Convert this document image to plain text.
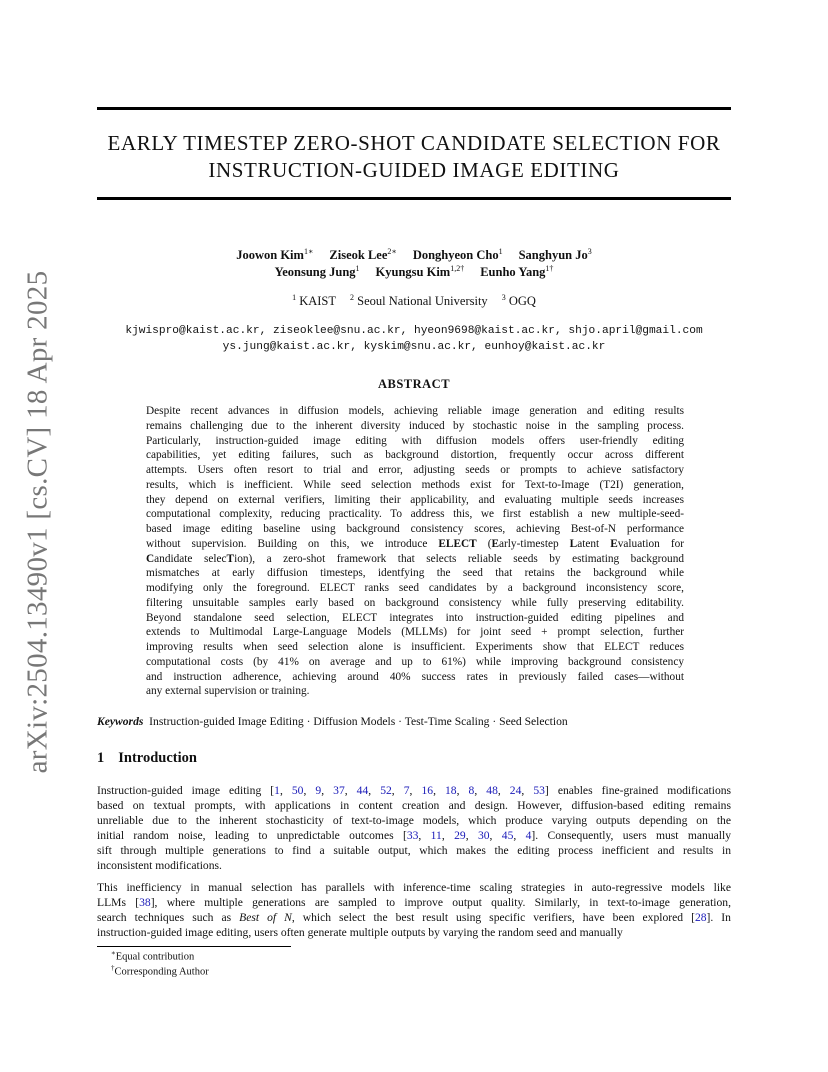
arXiv:2504.13490v1 [cs.CV] 18 Apr 2025
EARLY TIMESTEP ZERO-SHOT CANDIDATE SELECTION FOR
INSTRUCTION-GUIDED IMAGE EDITING
Joowon Kim$^{1∗}$ Ziseok Lee$^{2∗}$ Donghyeon Cho$^1$ Sanghyun Jo$^3$
Yeonsung Jung$^1$ Kyungsu Kim$^{1,2\dagger}$ Eunho Yang$^{1\dagger}$
$^1$ KAIST $^2$ Seoul National University $^3$ OGQ
kjwispro@kaist.ac.kr, ziseoklee@snu.ac.kr, hyeon9698@kaist.ac.kr, shjo.april@gmail.com
ys.jung@kaist.ac.kr, kyskim@snu.ac.kr, eunhoy@kaist.ac.kr
ABSTRACT
Despite recent advances in diffusion models, achieving reliable image generation and editing results
remains challenging due to the inherent diversity induced by stochastic noise in the sampling process.
Particularly, instruction-guided image editing with diffusion models offers user-friendly editing
capabilities, yet editing failures, such as background distortion, frequently occur across different
attempts. Users often resort to trial and error, adjusting seeds or prompts to achieve satisfactory
results, which is inefficient. While seed selection methods exist for Text-to-Image (T2I) generation,
they depend on external verifiers, limiting their applicability, and evaluating multiple seeds increases
computational complexity, reducing practicality. To address this, we first establish a new multiple-seed-
based image editing baseline using background consistency scores, achieving Best-of-N performance
without supervision. Building on this, we introduce ELECT (Early-timestep Latent Evaluation for
Candidate selecTion), a zero-shot framework that selects reliable seeds by estimating background
mismatches at early diffusion timesteps, identfying the seed that retains the background while
modifying only the foreground. ELECT ranks seed candidates by a background inconsistency score,
filtering unsuitable samples early based on background consistency while fully preserving editability.
Beyond standalone seed selection, ELECT integrates into instruction-guided editing pipelines and
extends to Multimodal Large-Language Models (MLLMs) for joint seed + prompt selection, further
improving results when seed selection alone is insufficient. Experiments show that ELECT reduces
computational costs (by 41% on average and up to 61%) while improving background consistency
and instruction adherence, achieving around 40% success rates in previously failed cases—without
any external supervision or training.
Keywords Instruction-guided Image Editing · Diffusion Models · Test-Time Scaling · Seed Selection
1 Introduction
Instruction-guided image editing [1, 50, 9, 37, 44, 52, 7, 16, 18, 8, 48, 24, 53] enables fine-grained modifications
based on textual prompts, with applications in content creation and design. However, diffusion-based editing remains
unreliable due to the inherent stochasticity of text-to-image models, which produce varying outputs depending on the
initial random noise, leading to unpredictable outcomes [33, 11, 29, 30, 45, 4]. Consequently, users must manually
sift through multiple generations to find a suitable output, which makes the editing process inefficient and results in
inconsistent modifications.
This inefficiency in manual selection has parallels with inference-time scaling strategies in auto-regressive models like
LLMs [38], where multiple generations are sampled to improve output quality. Similarly, in text-to-image generation,
search techniques such as Best of N, which select the best result using specific verifiers, have been explored [28]. In
instruction-guided image editing, users often generate multiple outputs by varying the random seed and manually
∗Equal contribution
†Corresponding Author
